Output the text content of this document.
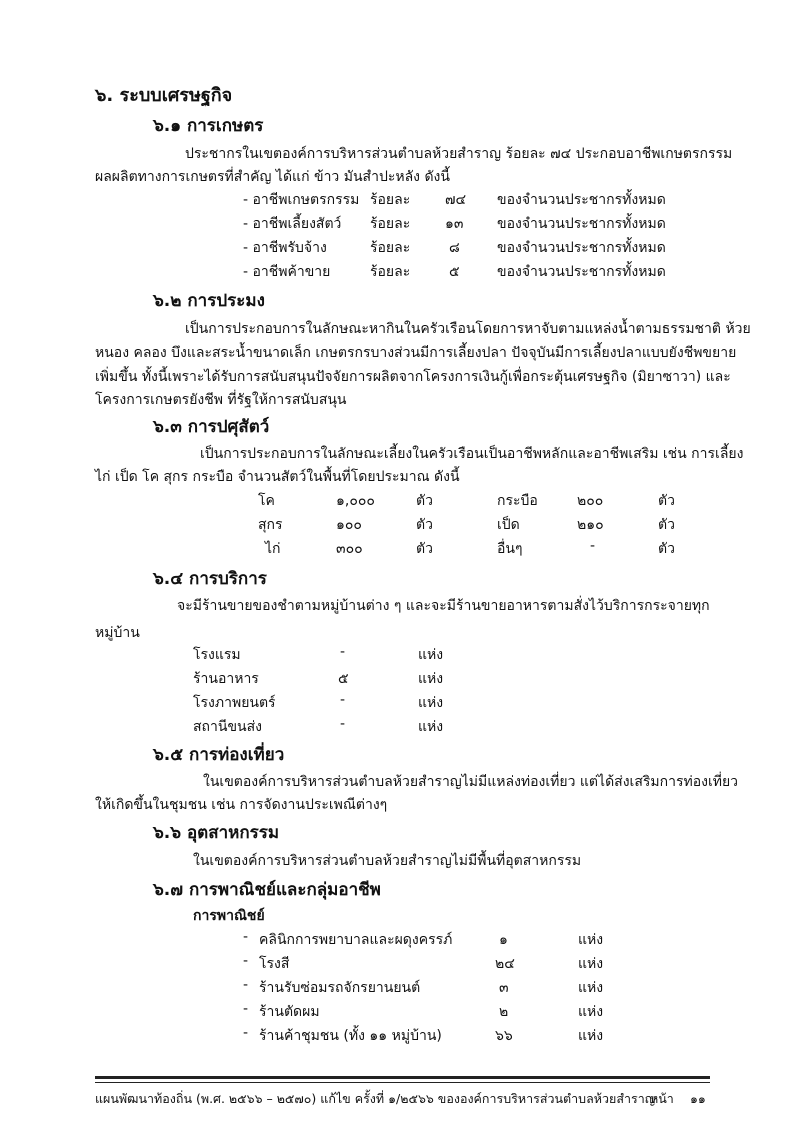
๖. ระบบเศรษฐกิจ
๖.๑ การเกษตร
ประชากรในเขตองค์การบริหารส่วนตำบลห้วยสำราญ ร้อยละ ๗๔ ประกอบอาชีพเกษตรกรรม
ผลผลิตทางการเกษตรที่สำคัญ ได้แก่ ข้าว มันสำปะหลัง ดังนี้
- อาชีพเกษตรกรรม ร้อยละ ๗๔ ของจำนวนประชากรทั้งหมด
- อาชีพเลี้ยงสัตว์ ร้อยละ ๑๓ ของจำนวนประชากรทั้งหมด
- อาชีพรับจ้าง	ร้อยละ	๘	ของจำนวนประชากรทั้งหมด
- อาชีพค้าขาย	ร้อยละ	๕	ของจำนวนประชากรทั้งหมด
๖.๒ การประมง
เป็นการประกอบการในลักษณะหากินในครัวเรือนโดยการหาจับตามแหล่งน้ำตามธรรมชาติ ห้วย
หนอง คลอง บึงและสระน้ำขนาดเล็ก เกษตรกรบางส่วนมีการเลี้ยงปลา ปัจจุบันมีการเลี้ยงปลาแบบยังชีพขยาย
เพิ่มขึ้น ทั้งนี้เพราะได้รับการสนับสนุนปัจจัยการผลิตจากโครงการเงินกู้เพื่อกระตุ้นเศรษฐกิจ (มิยาซาวา) และ
โครงการเกษตรยังชีพ ที่รัฐให้การสนับสนุน
๖.๓ การปศุสัตว์
เป็นการประกอบการในลักษณะเลี้ยงในครัวเรือนเป็นอาชีพหลักและอาชีพเสริม เช่น การเลี้ยง
ไก่ เป็ด โค สุกร กระบือ จำนวนสัตว์ในพื้นที่โดยประมาณ ดังนี้
โค	๑,๐๐๐	ตัว	กระบือ	๒๐๐	ตัว
สุกร	๑๐๐	ตัว	เป็ด	๒๑๐	ตัว
ไก่	๓๐๐	ตัว	อื่นๆ	-	ตัว
๖.๔ การบริการ
จะมีร้านขายของชำตามหมู่บ้านต่าง ๆ และจะมีร้านขายอาหารตามสั่งไว้บริการกระจายทุก
หมู่บ้าน
โรงแรม	-	แห่ง
ร้านอาหาร	๕	แห่ง
โรงภาพยนตร์	-	แห่ง
สถานีขนส่ง	-	แห่ง
๖.๕ การท่องเที่ยว
ในเขตองค์การบริหารส่วนตำบลห้วยสำราญไม่มีแหล่งท่องเที่ยว แต่ได้ส่งเสริมการท่องเที่ยว
ให้เกิดขึ้นในชุมชน เช่น การจัดงานประเพณีต่างๆ
๖.๖ อุตสาหกรรม
ในเขตองค์การบริหารส่วนตำบลห้วยสำราญไม่มีพื้นที่อุตสาหกรรม
๖.๗ การพาณิชย์และกลุ่มอาชีพ
การพาณิชย์
- คลินิกการพยาบาลและผดุงครรภ์	๑	แห่ง
- โรงสี	๒๔	แห่ง
- ร้านรับซ่อมรถจักรยานยนต์	๓	แห่ง
- ร้านตัดผม	๒	แห่ง
- ร้านค้าชุมชน (ทั้ง ๑๑ หมู่บ้าน)	๖๖	แห่ง
แผนพัฒนาท้องถิ่น (พ.ศ. ๒๕๖๖ – ๒๕๗๐) แก้ไข ครั้งที่ ๑/๒๕๖๖ ขององค์การบริหารส่วนตำบลห้วยสำราญ
หน้า ๑๑
